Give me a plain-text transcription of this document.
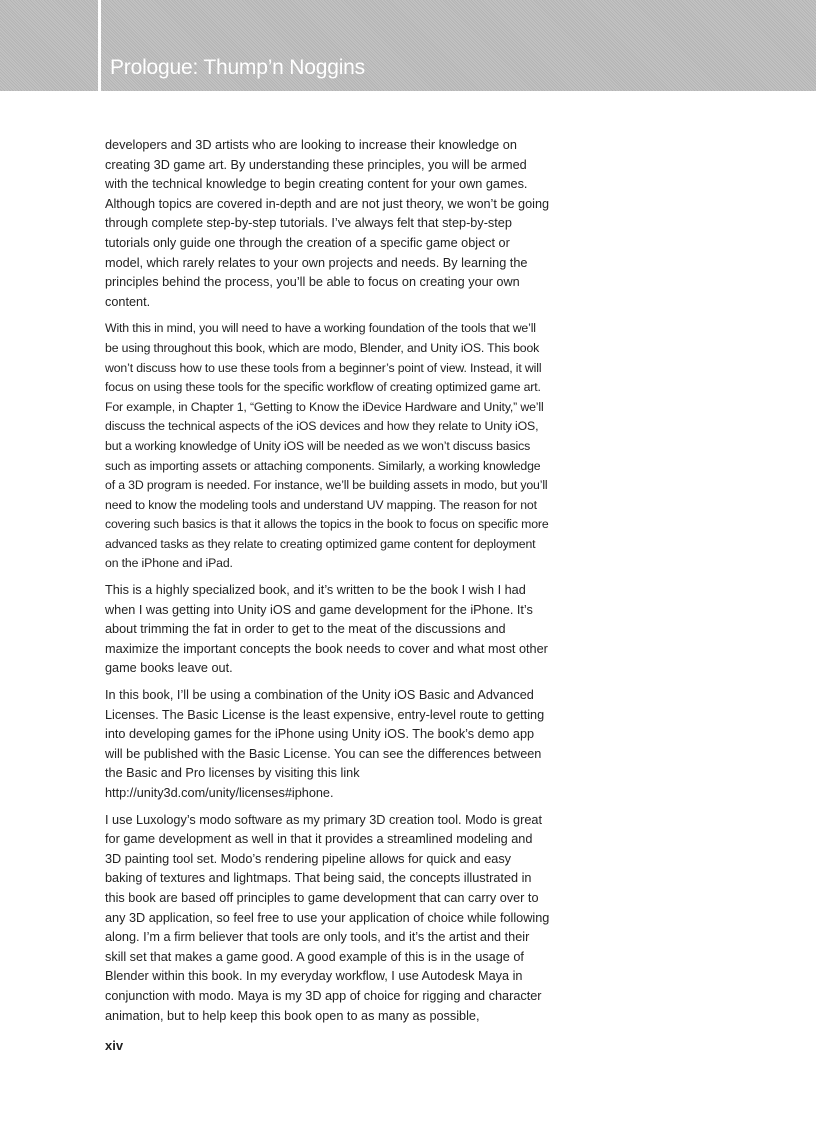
Prologue: Thump’n Noggins

developers and 3D artists who are looking to increase their knowledge on creating 3D game art. By understanding these principles, you will be armed with the technical knowledge to begin creating content for your own games. Although topics are covered in-depth and are not just theory, we won’t be going through complete step-by-step tutorials. I’ve always felt that step-by-step tutorials only guide one through the creation of a specific game object or model, which rarely relates to your own projects and needs. By learning the principles behind the process, you’ll be able to focus on creating your own content.

With this in mind, you will need to have a working foundation of the tools that we’ll be using throughout this book, which are modo, Blender, and Unity iOS. This book won’t discuss how to use these tools from a beginner’s point of view. Instead, it will focus on using these tools for the specific workflow of creating optimized game art. For example, in Chapter 1, “Getting to Know the iDevice Hardware and Unity,” we’ll discuss the technical aspects of the iOS devices and how they relate to Unity iOS, but a working knowledge of Unity iOS will be needed as we won’t discuss basics such as importing assets or attaching components. Similarly, a working knowledge of a 3D program is needed. For instance, we’ll be building assets in modo, but you’ll need to know the modeling tools and understand UV mapping. The reason for not covering such basics is that it allows the topics in the book to focus on specific more advanced tasks as they relate to creating optimized game content for deployment on the iPhone and iPad.

This is a highly specialized book, and it’s written to be the book I wish I had when I was getting into Unity iOS and game development for the iPhone. It’s about trimming the fat in order to get to the meat of the discussions and maximize the important concepts the book needs to cover and what most other game books leave out.

In this book, I’ll be using a combination of the Unity iOS Basic and Advanced Licenses. The Basic License is the least expensive, entry-level route to getting into developing games for the iPhone using Unity iOS. The book’s demo app will be published with the Basic License. You can see the differences between the Basic and Pro licenses by visiting this link http://unity3d.com/unity/licenses#iphone.

I use Luxology’s modo software as my primary 3D creation tool. Modo is great for game development as well in that it provides a streamlined modeling and 3D painting tool set. Modo’s rendering pipeline allows for quick and easy baking of textures and lightmaps. That being said, the concepts illustrated in this book are based off principles to game development that can carry over to any 3D application, so feel free to use your application of choice while following along. I’m a firm believer that tools are only tools, and it’s the artist and their skill set that makes a game good. A good example of this is in the usage of Blender within this book. In my everyday workflow, I use Autodesk Maya in conjunction with modo. Maya is my 3D app of choice for rigging and character animation, but to help keep this book open to as many as possible,

xiv
